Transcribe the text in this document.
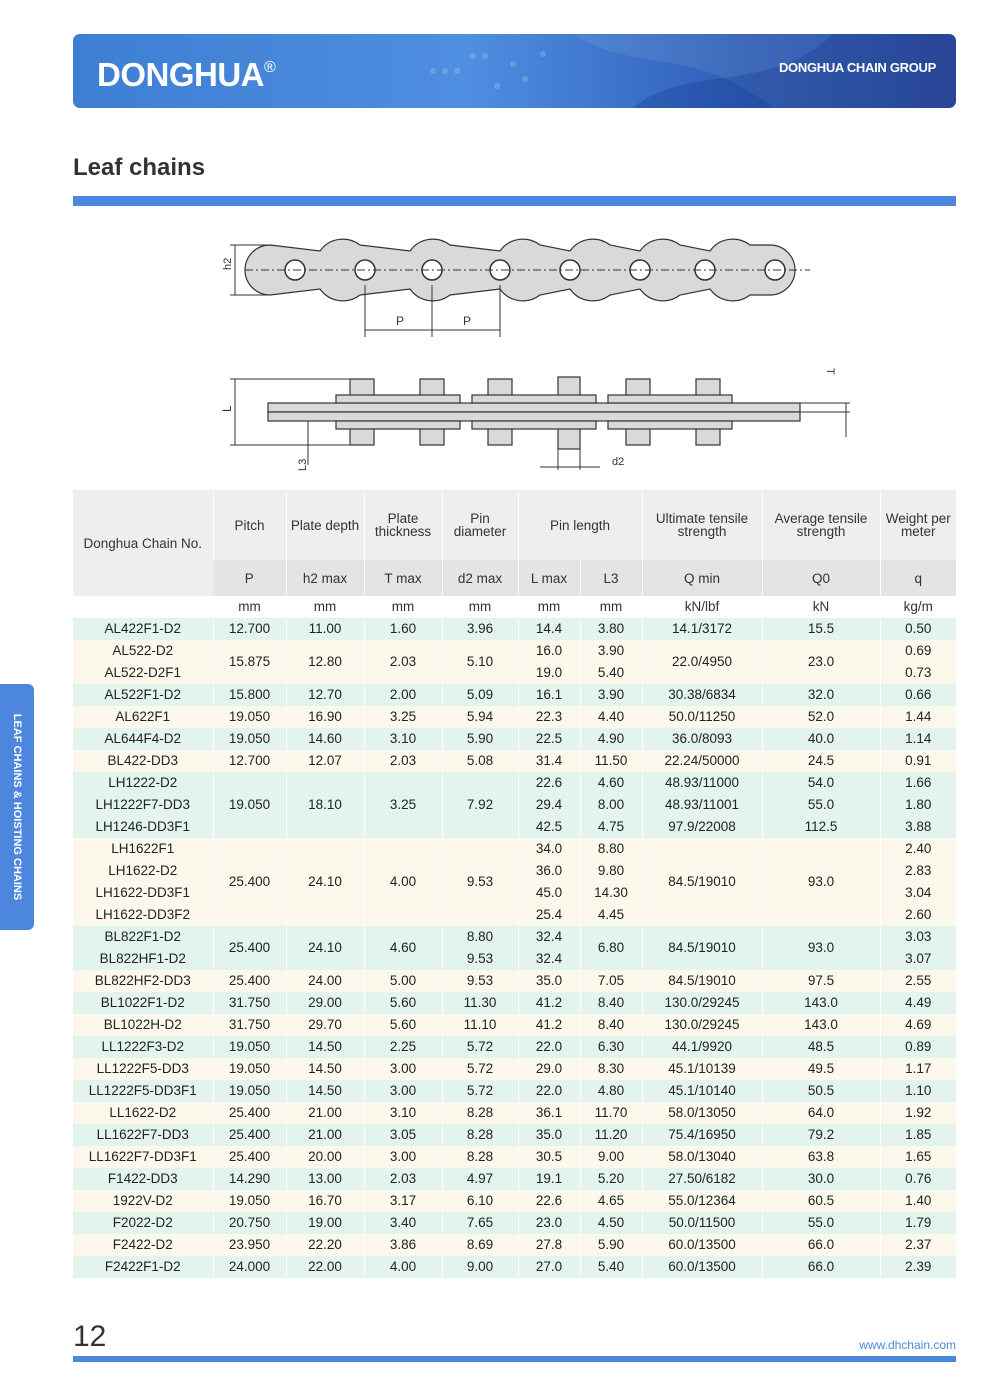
DONGHUA®	DONGHUA CHAIN GROUP
Leaf chains
LEAF CHAINS & HOISTING CHAINS
h2
P	P
L
L3
T
d2
Donghua Chain No.	Pitch	Plate depth	Plate thickness	Pin diameter	Pin length		Ultimate tensile strength	Average tensile strength	Weight per meter
	P	h2 max	T max	d2 max	L max	L3	Q min	Q0	q
	mm	mm	mm	mm	mm	mm	kN/lbf	kN	kg/m
AL422F1-D2	12.700	11.00	1.60	3.96	14.4	3.80	14.1/3172	15.5	0.50
AL522-D2	15.875	12.80	2.03	5.10	16.0	3.90	22.0/4950	23.0	0.69
AL522-D2F1					19.0	5.40			0.73
AL522F1-D2	15.800	12.70	2.00	5.09	16.1	3.90	30.38/6834	32.0	0.66
AL622F1	19.050	16.90	3.25	5.94	22.3	4.40	50.0/11250	52.0	1.44
AL644F4-D2	19.050	14.60	3.10	5.90	22.5	4.90	36.0/8093	40.0	1.14
BL422-DD3	12.700	12.07	2.03	5.08	31.4	11.50	22.24/50000	24.5	0.91
LH1222-D2	19.050	18.10	3.25	7.92	22.6	4.60	48.93/11000	54.0	1.66
LH1222F7-DD3					29.4	8.00	48.93/11001	55.0	1.80
LH1246-DD3F1					42.5	4.75	97.9/22008	112.5	3.88
LH1622F1	25.400	24.10	4.00	9.53	34.0	8.80	84.5/19010	93.0	2.40
LH1622-D2					36.0	9.80			2.83
LH1622-DD3F1					45.0	14.30			3.04
LH1622-DD3F2					25.4	4.45			2.60
BL822F1-D2	25.400	24.10	4.60	8.80	32.4	6.80	84.5/19010	93.0	3.03
BL822HF1-D2				9.53	32.4				3.07
BL822HF2-DD3	25.400	24.00	5.00	9.53	35.0	7.05	84.5/19010	97.5	2.55
BL1022F1-D2	31.750	29.00	5.60	11.30	41.2	8.40	130.0/29245	143.0	4.49
BL1022H-D2	31.750	29.70	5.60	11.10	41.2	8.40	130.0/29245	143.0	4.69
LL1222F3-D2	19.050	14.50	2.25	5.72	22.0	6.30	44.1/9920	48.5	0.89
LL1222F5-DD3	19.050	14.50	3.00	5.72	29.0	8.30	45.1/10139	49.5	1.17
LL1222F5-DD3F1	19.050	14.50	3.00	5.72	22.0	4.80	45.1/10140	50.5	1.10
LL1622-D2	25.400	21.00	3.10	8.28	36.1	11.70	58.0/13050	64.0	1.92
LL1622F7-DD3	25.400	21.00	3.05	8.28	35.0	11.20	75.4/16950	79.2	1.85
LL1622F7-DD3F1	25.400	20.00	3.00	8.28	30.5	9.00	58.0/13040	63.8	1.65
F1422-DD3	14.290	13.00	2.03	4.97	19.1	5.20	27.50/6182	30.0	0.76
1922V-D2	19.050	16.70	3.17	6.10	22.6	4.65	55.0/12364	60.5	1.40
F2022-D2	20.750	19.00	3.40	7.65	23.0	4.50	50.0/11500	55.0	1.79
F2422-D2	23.950	22.20	3.86	8.69	27.8	5.90	60.0/13500	66.0	2.37
F2422F1-D2	24.000	22.00	4.00	9.00	27.0	5.40	60.0/13500	66.0	2.39
12	www.dhchain.com
